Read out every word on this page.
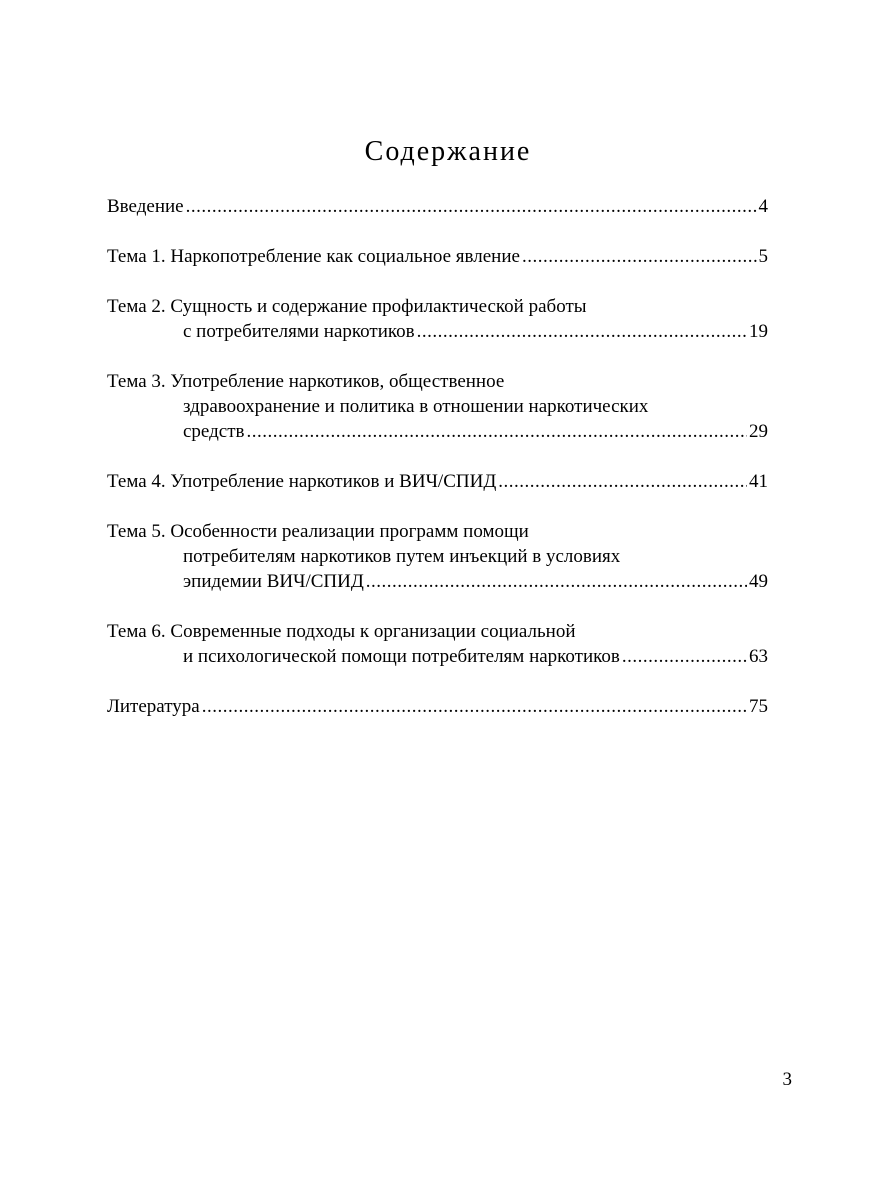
Содержание
Введение .....	4
Тема 1. Наркопотребление как социальное явление .....	5
Тема 2. Сущность и содержание профилактической работы
с потребителями наркотиков .....	19
Тема 3. Употребление наркотиков, общественное
здравоохранение и политика в отношении наркотических
средств .....	29
Тема 4. Употребление наркотиков и ВИЧ/СПИД .....	41
Тема 5. Особенности реализации программ помощи
потребителям наркотиков путем инъекций в условиях
эпидемии ВИЧ/СПИД .....	49
Тема 6. Современные подходы к организации социальной
и психологической помощи потребителям наркотиков .....	63
Литература .....	75
3
